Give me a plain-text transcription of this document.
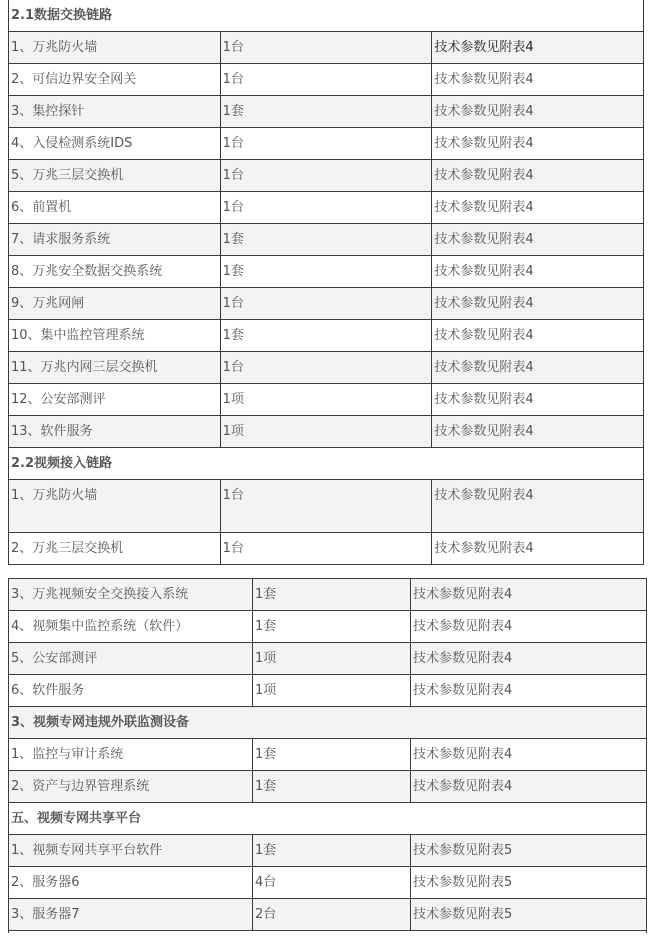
2.1数据交换链路		
1、万兆防火墙	1台	技术参数见附表4
2、可信边界安全网关	1台	技术参数见附表4
3、集控探针	1套	技术参数见附表4
4、入侵检测系统IDS	1台	技术参数见附表4
5、万兆三层交换机	1台	技术参数见附表4
6、前置机	1台	技术参数见附表4
7、请求服务系统	1套	技术参数见附表4
8、万兆安全数据交换系统	1套	技术参数见附表4
9、万兆网闸	1台	技术参数见附表4
10、集中监控管理系统	1套	技术参数见附表4
11、万兆内网三层交换机	1台	技术参数见附表4
12、公安部测评	1项	技术参数见附表4
13、软件服务	1项	技术参数见附表4
2.2视频接入链路		
1、万兆防火墙	1台	技术参数见附表4
2、万兆三层交换机	1台	技术参数见附表4
3、万兆视频安全交换接入系统	1套	技术参数见附表4
4、视频集中监控系统（软件）	1套	技术参数见附表4
5、公安部测评	1项	技术参数见附表4
6、软件服务	1项	技术参数见附表4
3、视频专网违规外联监测设备		
1、监控与审计系统	1套	技术参数见附表4
2、资产与边界管理系统	1套	技术参数见附表4
五、视频专网共享平台		
1、视频专网共享平台软件	1套	技术参数见附表5
2、服务器6	4台	技术参数见附表5
3、服务器7	2台	技术参数见附表5
